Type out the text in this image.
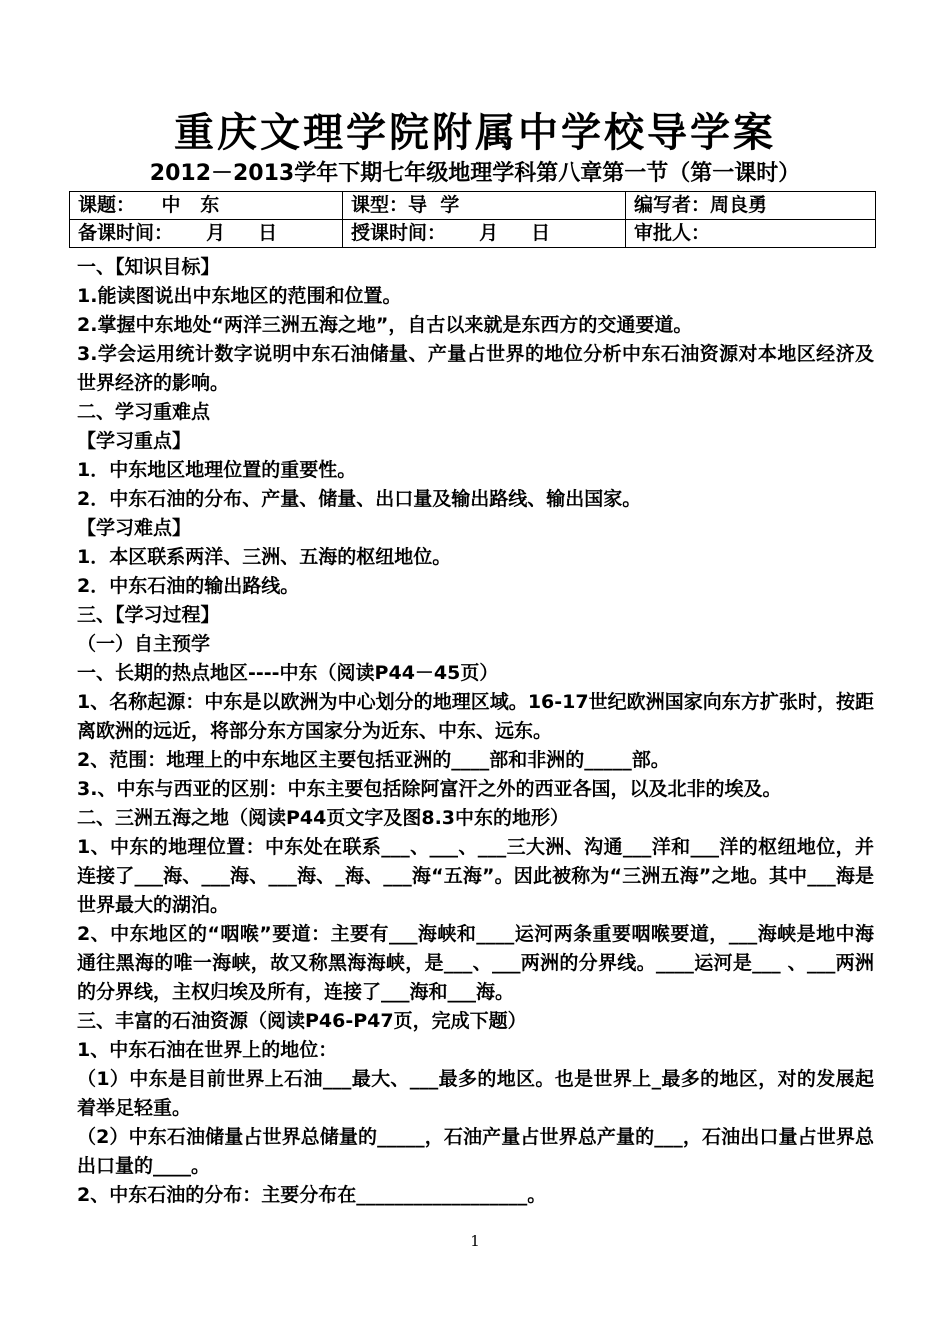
重庆文理学院附属中学校导学案
2012－2013学年下期七年级地理学科第八章第一节（第一课时）
课题：    中   东	课型：导  学	编写者：周良勇
备课时间：     月     日	授课时间：     月     日	审批人：

一、【知识目标】

1.能读图说出中东地区的范围和位置。

2.掌握中东地处“两洋三洲五海之地”，自古以来就是东西方的交通要道。

3.学会运用统计数字说明中东石油储量、产量占世界的地位分析中东石油资源对本地区经济及世界经济的影响。

二、学习重难点

【学习重点】

1．中东地区地理位置的重要性。

2．中东石油的分布、产量、储量、出口量及输出路线、输出国家。

【学习难点】

1．本区联系两洋、三洲、五海的枢纽地位。

2．中东石油的输出路线。

三、【学习过程】

（一）自主预学

一、长期的热点地区----中东（阅读P44－45页）

1、名称起源：中东是以欧洲为中心划分的地理区域。16-17世纪欧洲国家向东方扩张时，按距离欧洲的远近，将部分东方国家分为近东、中东、远东。

2、范围：地理上的中东地区主要包括亚洲的____部和非洲的_____部。

3.、中东与西亚的区别：中东主要包括除阿富汗之外的西亚各国，以及北非的埃及。

二、三洲五海之地（阅读P44页文字及图8.3中东的地形）

1、中东的地理位置：中东处在联系___、___、___三大洲、沟通___洋和___洋的枢纽地位，并连接了___海、___海、___海、_海、___海“五海”。因此被称为“三洲五海”之地。其中___海是世界最大的湖泊。

2、中东地区的“咽喉”要道：主要有___海峡和____运河两条重要咽喉要道，___海峡是地中海通往黑海的唯一海峡，故又称黑海海峡，是___、___两洲的分界线。____运河是___ 、___两洲的分界线，主权归埃及所有，连接了___海和___海。

三、丰富的石油资源（阅读P46-P47页，完成下题）

1、中东石油在世界上的地位：

（1）中东是目前世界上石油___最大、___最多的地区。也是世界上_最多的地区，对的发展起着举足轻重。

（2）中东石油储量占世界总储量的_____，石油产量占世界总产量的___，石油出口量占世界总出口量的____。

2、中东石油的分布：主要分布在__________________。

1
